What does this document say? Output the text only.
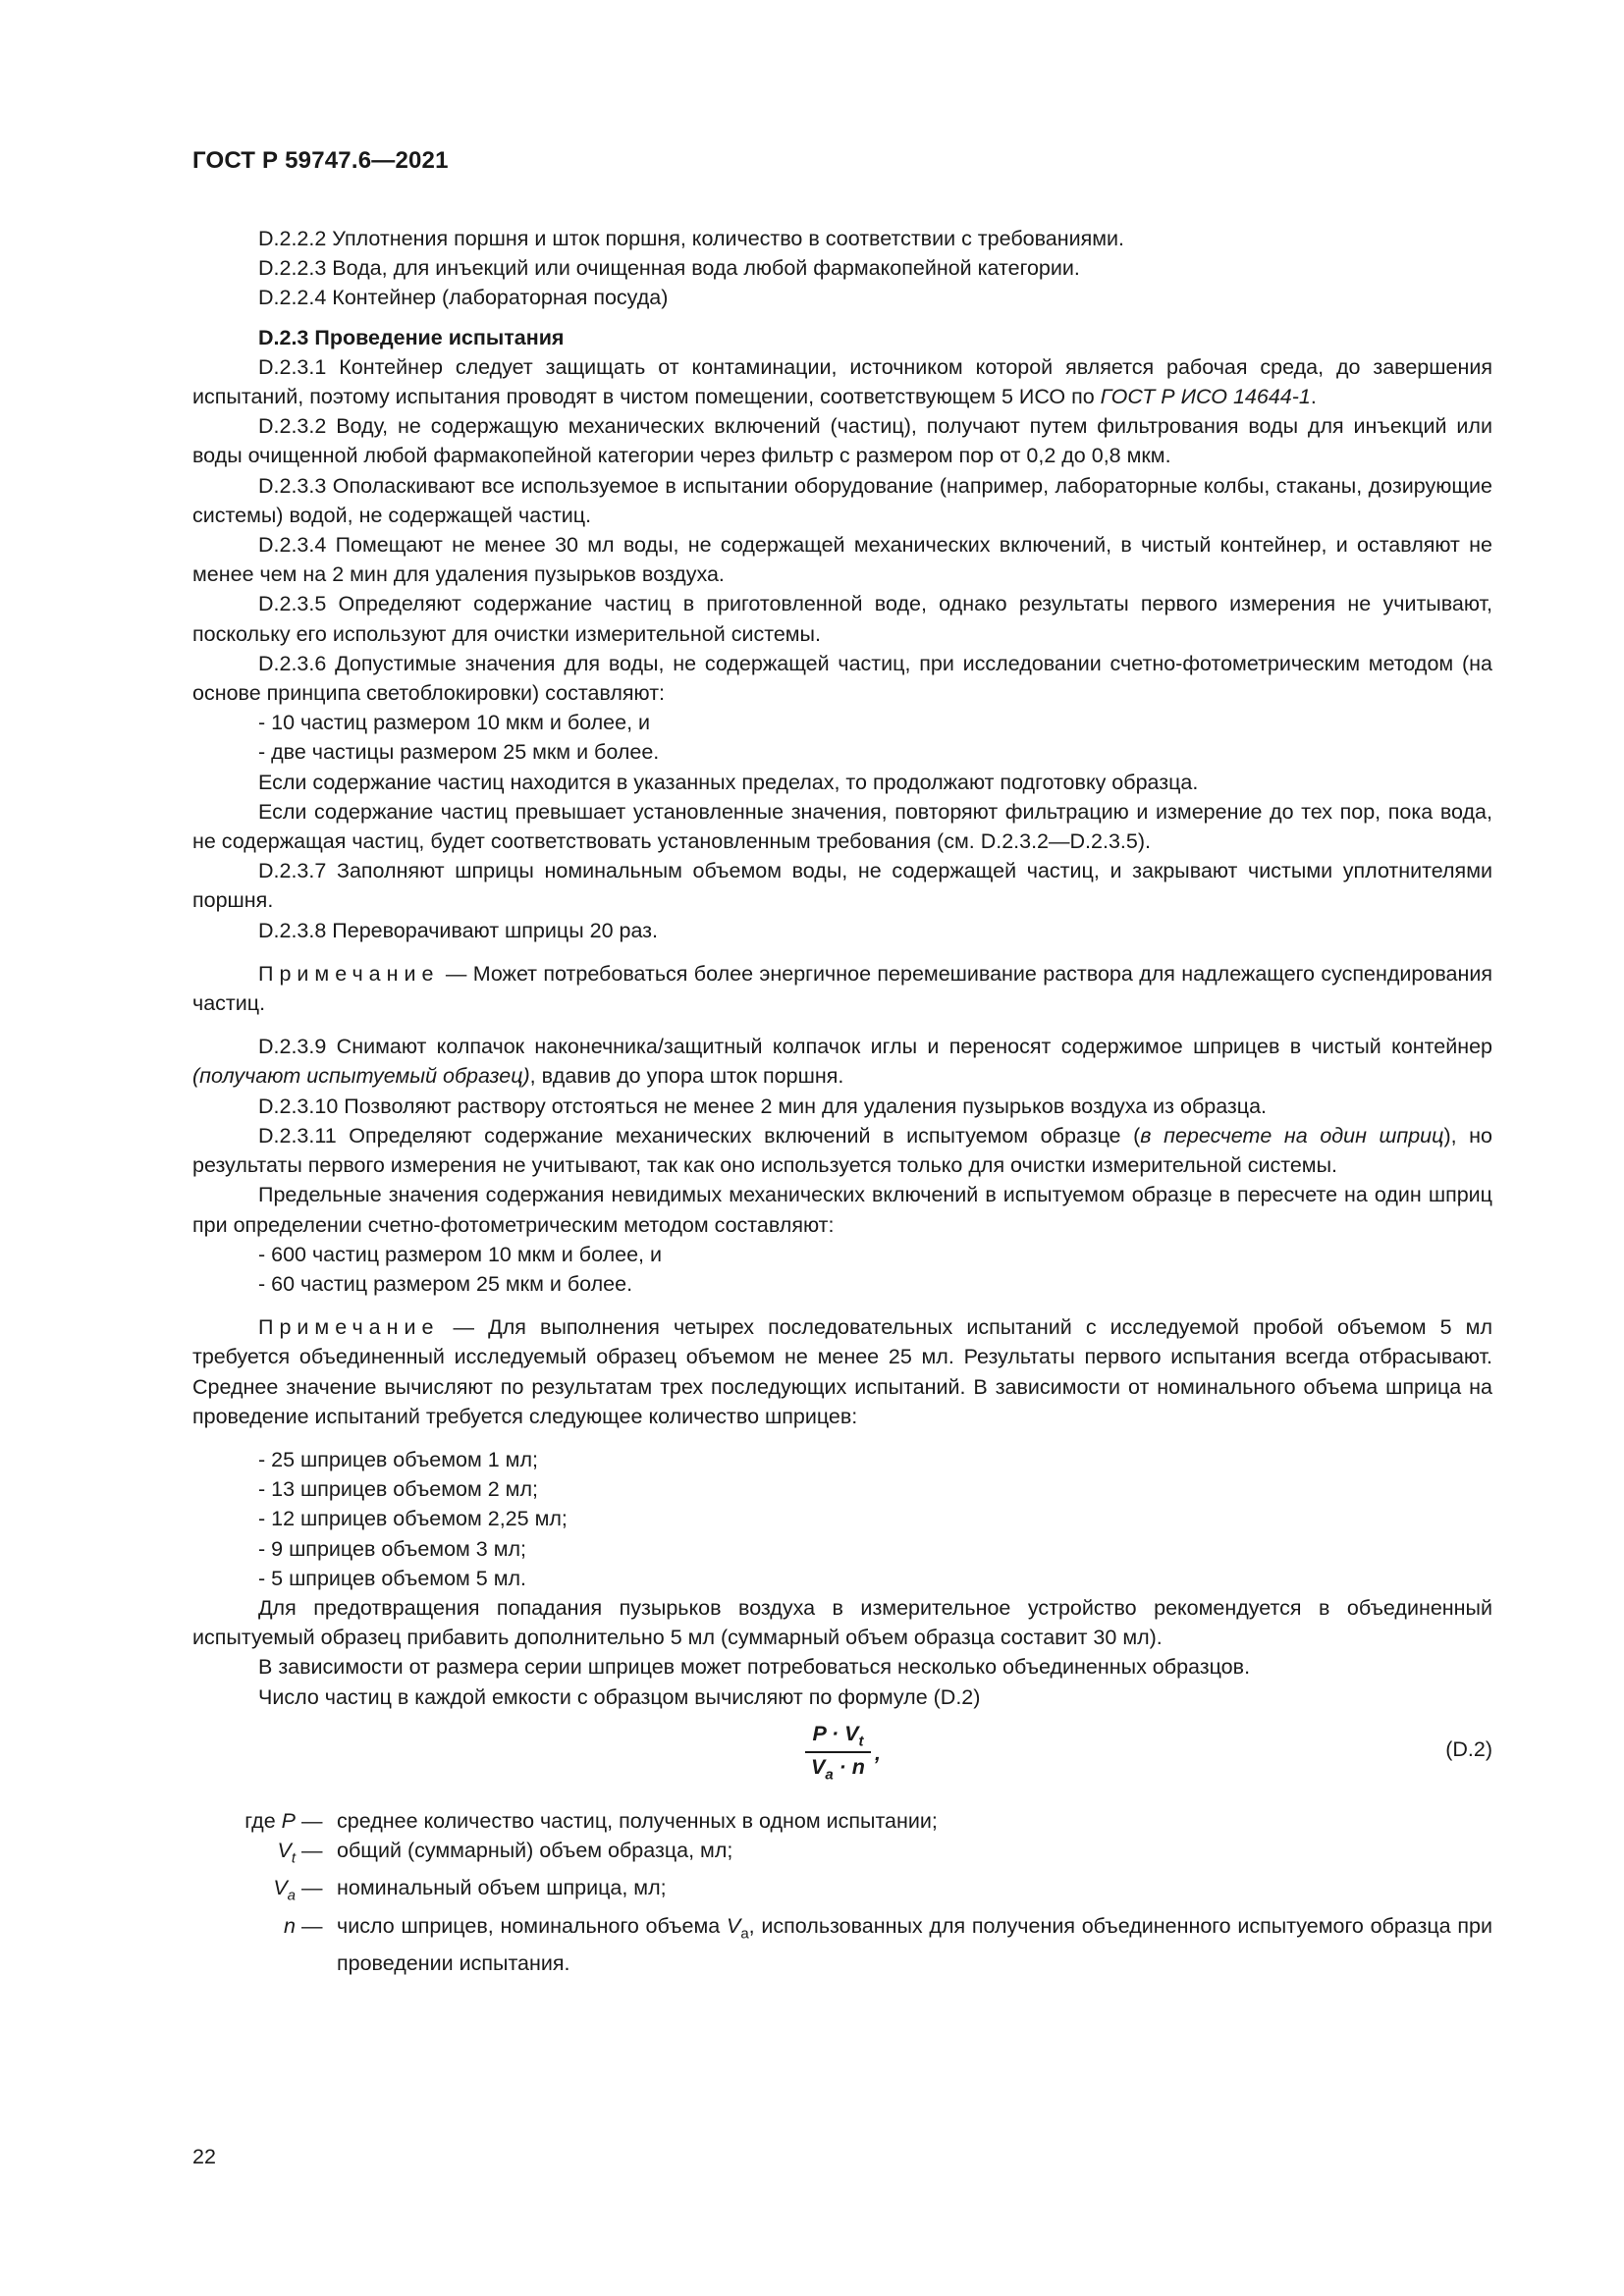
ГОСТ Р 59747.6—2021

D.2.2.2 Уплотнения поршня и шток поршня, количество в соответствии с требованиями.

D.2.2.3 Вода, для инъекций или очищенная вода любой фармакопейной категории.

D.2.2.4 Контейнер (лабораторная посуда)

D.2.3 Проведение испытания

D.2.3.1 Контейнер следует защищать от контаминации, источником которой является рабочая среда, до завершения испытаний, поэтому испытания проводят в чистом помещении, соответствующем 5 ИСО по ГОСТ Р ИСО 14644-1.

D.2.3.2 Воду, не содержащую механических включений (частиц), получают путем фильтрования воды для инъекций или воды очищенной любой фармакопейной категории через фильтр с размером пор от 0,2 до 0,8 мкм.

D.2.3.3 Ополаскивают все используемое в испытании оборудование (например, лабораторные колбы, стаканы, дозирующие системы) водой, не содержащей частиц.

D.2.3.4 Помещают не менее 30 мл воды, не содержащей механических включений, в чистый контейнер, и оставляют не менее чем на 2 мин для удаления пузырьков воздуха.

D.2.3.5 Определяют содержание частиц в приготовленной воде, однако результаты первого измерения не учитывают, поскольку его используют для очистки измерительной системы.

D.2.3.6 Допустимые значения для воды, не содержащей частиц, при исследовании счетно-фотометрическим методом (на основе принципа светоблокировки) составляют:

- 10 частиц размером 10 мкм и более, и

- две частицы размером 25 мкм и более.

Если содержание частиц находится в указанных пределах, то продолжают подготовку образца.

Если содержание частиц превышает установленные значения, повторяют фильтрацию и измерение до тех пор, пока вода, не содержащая частиц, будет соответствовать установленным требования (см. D.2.3.2—D.2.3.5).

D.2.3.7 Заполняют шприцы номинальным объемом воды, не содержащей частиц, и закрывают чистыми уплотнителями поршня.

D.2.3.8 Переворачивают шприцы 20 раз.

Примечание — Может потребоваться более энергичное перемешивание раствора для надлежащего суспендирования частиц.

D.2.3.9 Снимают колпачок наконечника/защитный колпачок иглы и переносят содержимое шприцев в чистый контейнер (получают испытуемый образец), вдавив до упора шток поршня.

D.2.3.10 Позволяют раствору отстояться не менее 2 мин для удаления пузырьков воздуха из образца.

D.2.3.11 Определяют содержание механических включений в испытуемом образце (в пересчете на один шприц), но результаты первого измерения не учитывают, так как оно используется только для очистки измерительной системы.

Предельные значения содержания невидимых механических включений в испытуемом образце в пересчете на один шприц при определении счетно-фотометрическим методом составляют:

- 600 частиц размером 10 мкм и более, и

- 60 частиц размером 25 мкм и более.

Примечание — Для выполнения четырех последовательных испытаний с исследуемой пробой объемом 5 мл требуется объединенный исследуемый образец объемом не менее 25 мл. Результаты первого испытания всегда отбрасывают. Среднее значение вычисляют по результатам трех последующих испытаний. В зависимости от номинального объема шприца на проведение испытаний требуется следующее количество шприцев:

- 25 шприцев объемом 1 мл;

- 13 шприцев объемом 2 мл;

- 12 шприцев объемом 2,25 мл;

- 9 шприцев объемом 3 мл;

- 5 шприцев объемом 5 мл.

Для предотвращения попадания пузырьков воздуха в измерительное устройство рекомендуется в объединенный испытуемый образец прибавить дополнительно 5 мл (суммарный объем образца составит 30 мл).

В зависимости от размера серии шприцев может потребоваться несколько объединенных образцов.

Число частиц в каждой емкости с образцом вычисляют по формуле (D.2)

$P \cdot V_t$
$V_a \cdot n$
,	(D.2)
где P — среднее количество частиц, полученных в одном испытании;
$V_t$ — общий (суммарный) объем образца, мл;
$V_a$ — номинальный объем шприца, мл;
n — число шприцев, номинального объема $V_a$, использованных для получения объединенного испытуемого образца при проведении испытания.
22
